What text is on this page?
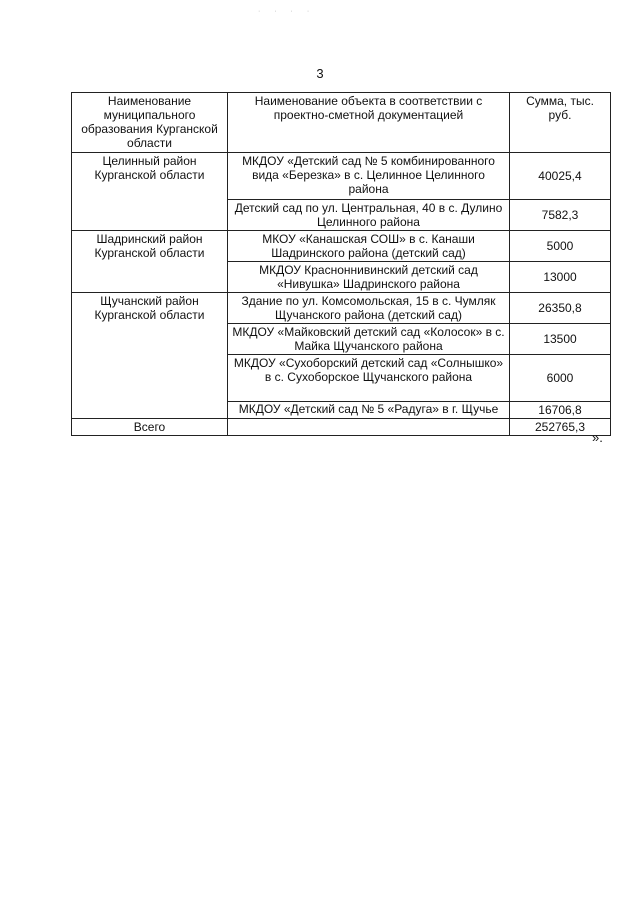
· · · ·
3
Наименование муниципального образования Курганской области	Наименование объекта в соответствии с проектно-сметной документацией	Сумма, тыс. руб.
Целинный район Курганской области	МКДОУ «Детский сад № 5 комбинированного вида «Березка» в с. Целинное Целинного района	40025,4
	Детский сад по ул. Центральная, 40 в с. Дулино Целинного района	7582,3
Шадринский район Курганской области	МКОУ «Канашская СОШ» в с. Канаши Шадринского района (детский сад)	5000
	МКДОУ Красноннивинский детский сад «Нивушка» Шадринского района	13000
Щучанский район Курганской области	Здание по ул. Комсомольская, 15 в с. Чумляк Щучанского района (детский сад)	26350,8
	МКДОУ «Майковский детский сад «Колосок» в с. Майка Щучанского района	13500
	МКДОУ «Сухоборский детский сад «Солнышко» в с. Сухоборское Щучанского района	6000
	МКДОУ «Детский сад № 5 «Радуга» в г. Щучье	16706,8
Всего		252765,3
».
